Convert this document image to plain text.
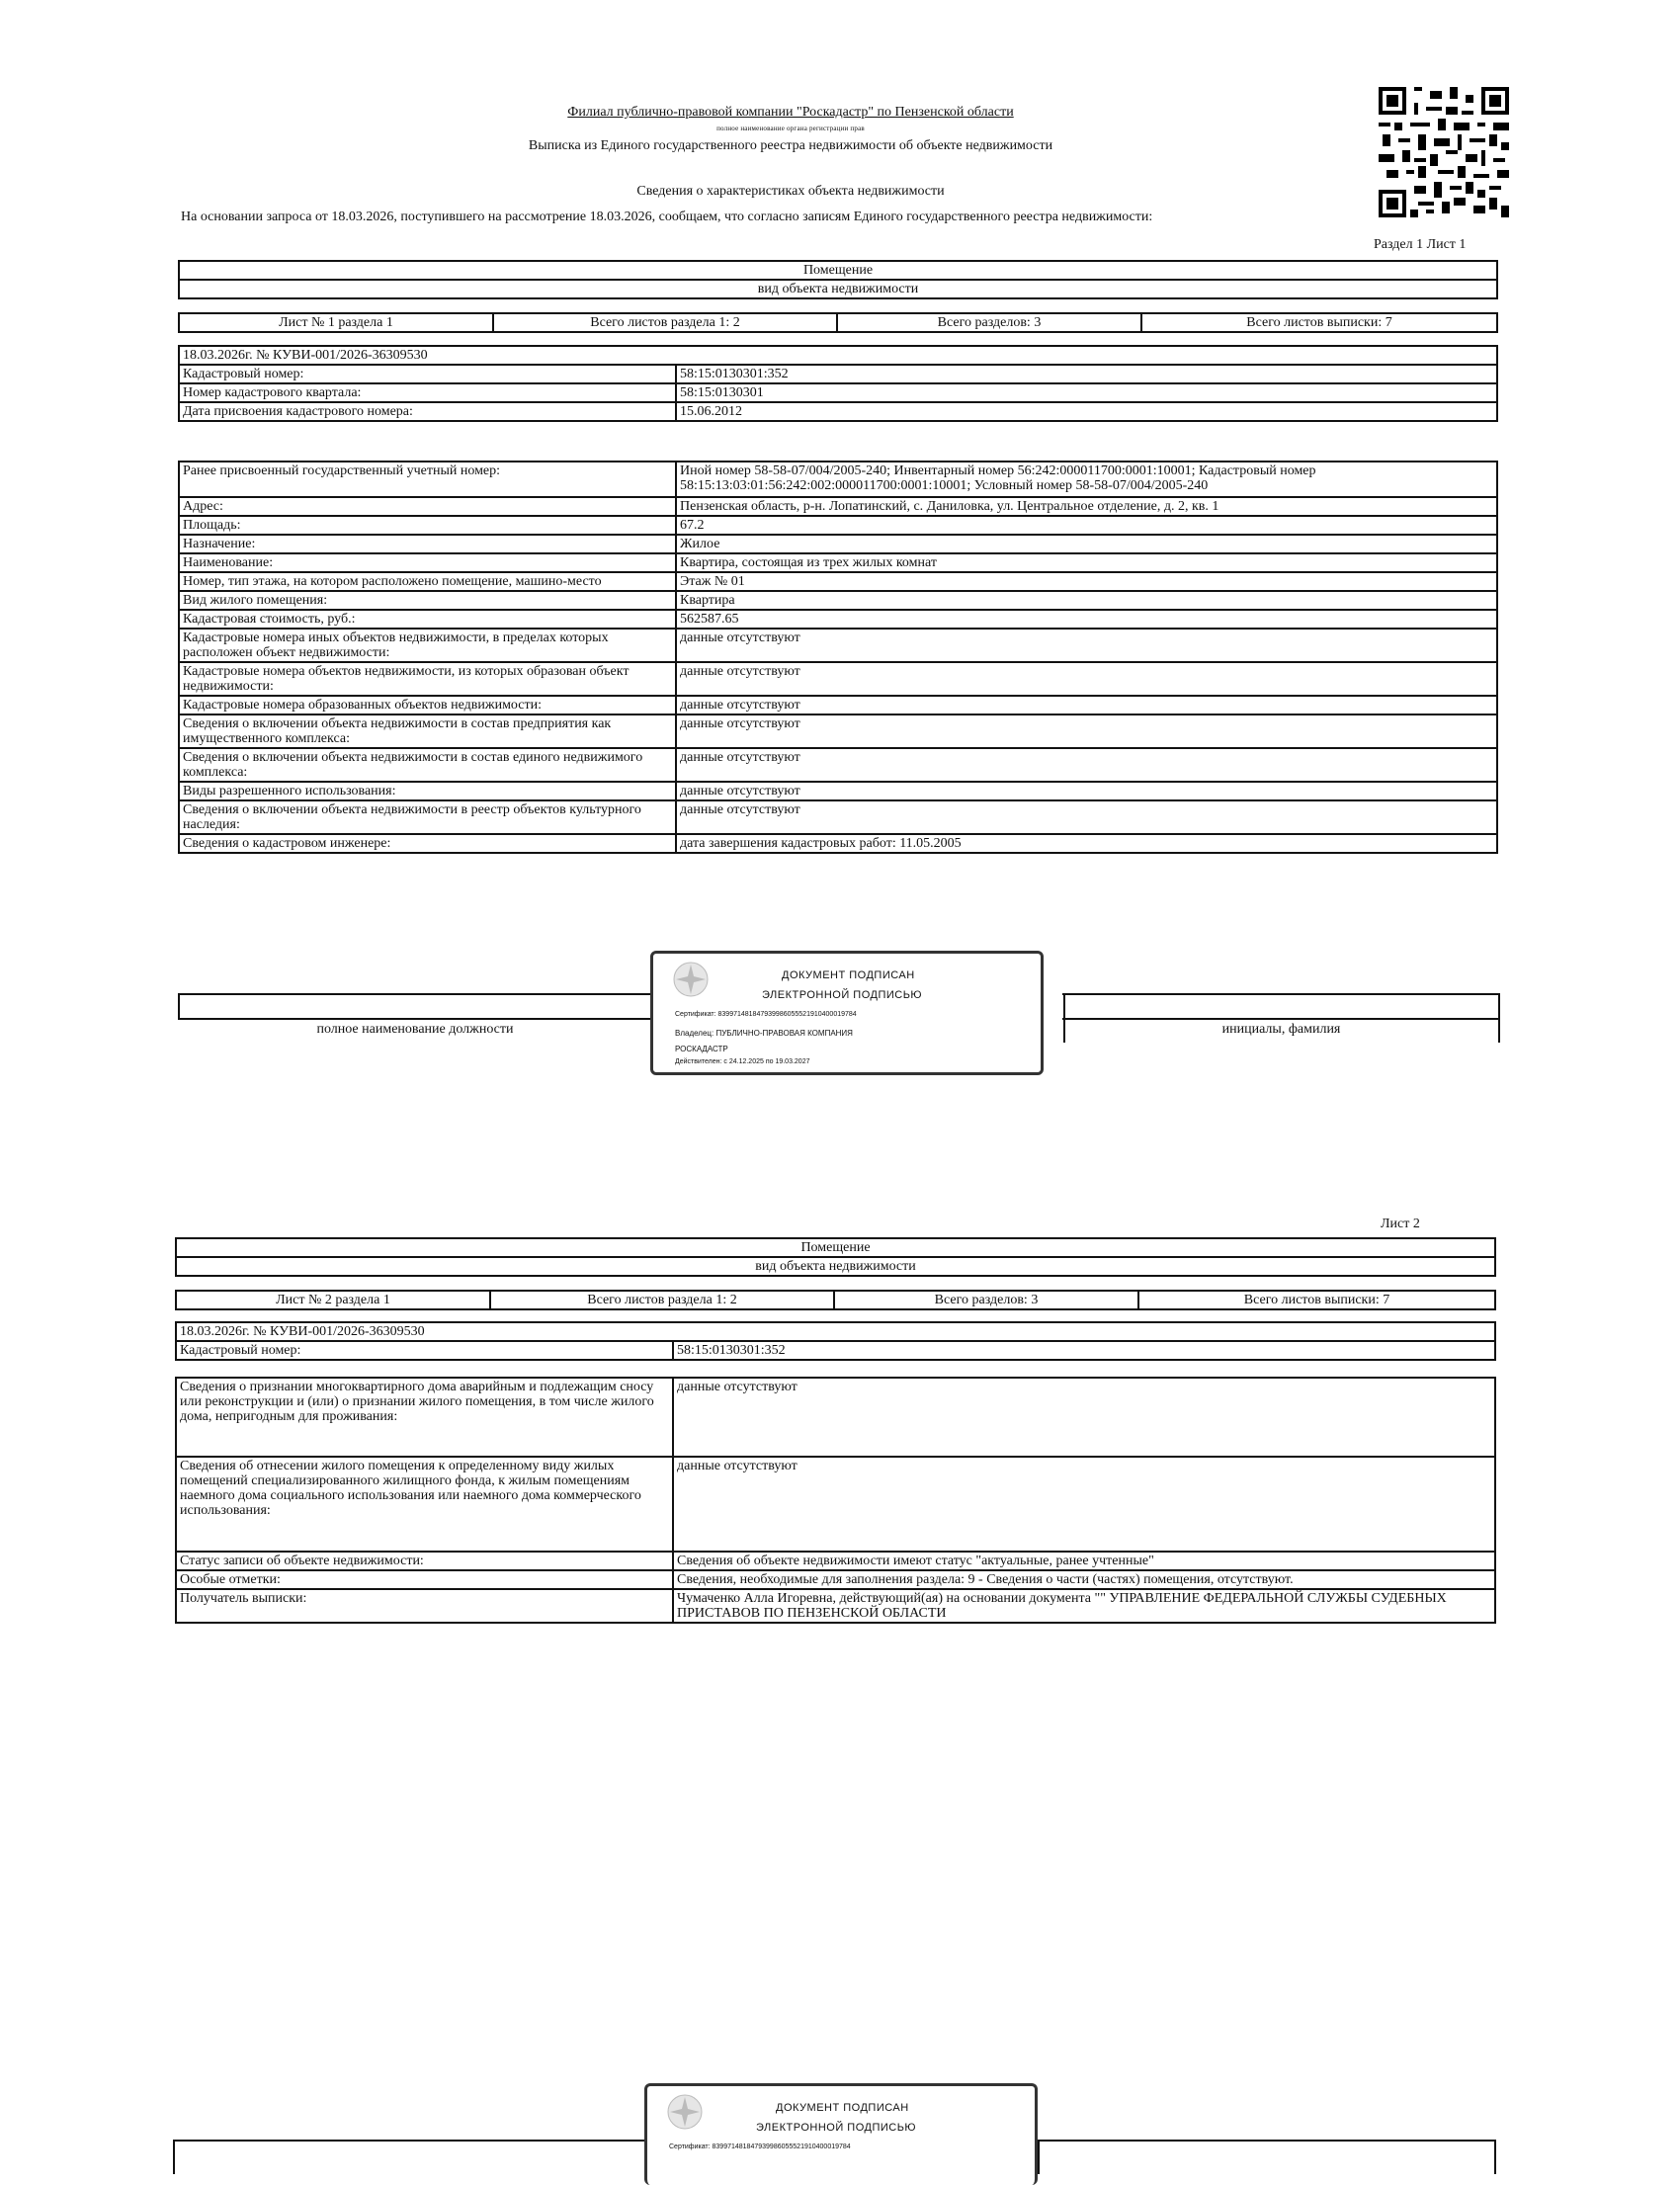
Филиал публично-правовой компании "Роскадастр" по Пензенской области
полное наименование органа регистрации прав
Выписка из Единого государственного реестра недвижимости об объекте недвижимости
Сведения о характеристиках объекта недвижимости
На основании запроса от 18.03.2026, поступившего на рассмотрение 18.03.2026, сообщаем, что согласно записям Единого государственного реестра недвижимости:
Раздел 1 Лист 1
Помещение
вид объекта недвижимости
Лист № 1 раздела 1	Всего листов раздела 1: 2	Всего разделов: 3	Всего листов выписки: 7
18.03.2026г. № КУВИ-001/2026-36309530	
Кадастровый номер:	58:15:0130301:352
Номер кадастрового квартала:	58:15:0130301
Дата присвоения кадастрового номера:	15.06.2012
Ранее присвоенный государственный учетный номер:	Иной номер 58-58-07/004/2005-240; Инвентарный номер 56:242:000011700:0001:10001; Кадастровый номер 58:15:13:03:01:56:242:002:000011700:0001:10001; Условный номер 58-58-07/004/2005-240
Адрес:	Пензенская область, р-н. Лопатинский, с. Даниловка, ул. Центральное отделение, д. 2, кв. 1
Площадь:	67.2
Назначение:	Жилое
Наименование:	Квартира, состоящая из трех жилых комнат
Номер, тип этажа, на котором расположено помещение, машино-место	Этаж № 01
Вид жилого помещения:	Квартира
Кадастровая стоимость, руб.:	562587.65
Кадастровые номера иных объектов недвижимости, в пределах которых расположен объект недвижимости:	данные отсутствуют
Кадастровые номера объектов недвижимости, из которых образован объект недвижимости:	данные отсутствуют
Кадастровые номера образованных объектов недвижимости:	данные отсутствуют
Сведения о включении объекта недвижимости в состав предприятия как имущественного комплекса:	данные отсутствуют
Сведения о включении объекта недвижимости в состав единого недвижимого комплекса:	данные отсутствуют
Виды разрешенного использования:	данные отсутствуют
Сведения о включении объекта недвижимости в реестр объектов культурного наследия:	данные отсутствуют
Сведения о кадастровом инженере:	дата завершения кадастровых работ: 11.05.2005
полное наименование должности	инициалы, фамилия
ДОКУМЕНТ ПОДПИСАН
ЭЛЕКТРОННОЙ ПОДПИСЬЮ
Сертификат: 839971481847939986055521910400019784
Владелец: ПУБЛИЧНО-ПРАВОВАЯ КОМПАНИЯ
РОСКАДАСТР
Действителен: с 24.12.2025 по 19.03.2027
Лист 2
Помещение
вид объекта недвижимости
Лист № 2 раздела 1	Всего листов раздела 1: 2	Всего разделов: 3	Всего листов выписки: 7
18.03.2026г. № КУВИ-001/2026-36309530
Кадастровый номер:	58:15:0130301:352
Сведения о признании многоквартирного дома аварийным и подлежащим сносу или реконструкции и (или) о признании жилого помещения, в том числе жилого дома, непригодным для проживания:	данные отсутствуют
Сведения об отнесении жилого помещения к определенному виду жилых помещений специализированного жилищного фонда, к жилым помещениям наемного дома социального использования или наемного дома коммерческого использования:	данные отсутствуют
Статус записи об объекте недвижимости:	Сведения об объекте недвижимости имеют статус "актуальные, ранее учтенные"
Особые отметки:	Сведения, необходимые для заполнения раздела: 9 - Сведения о части (частях) помещения, отсутствуют.
Получатель выписки:	Чумаченко Алла Игоревна, действующий(ая) на основании документа "" УПРАВЛЕНИЕ ФЕДЕРАЛЬНОЙ СЛУЖБЫ СУДЕБНЫХ ПРИСТАВОВ ПО ПЕНЗЕНСКОЙ ОБЛАСТИ
ДОКУМЕНТ ПОДПИСАН
ЭЛЕКТРОННОЙ ПОДПИСЬЮ
Сертификат: 839971481847939986055521910400019784
